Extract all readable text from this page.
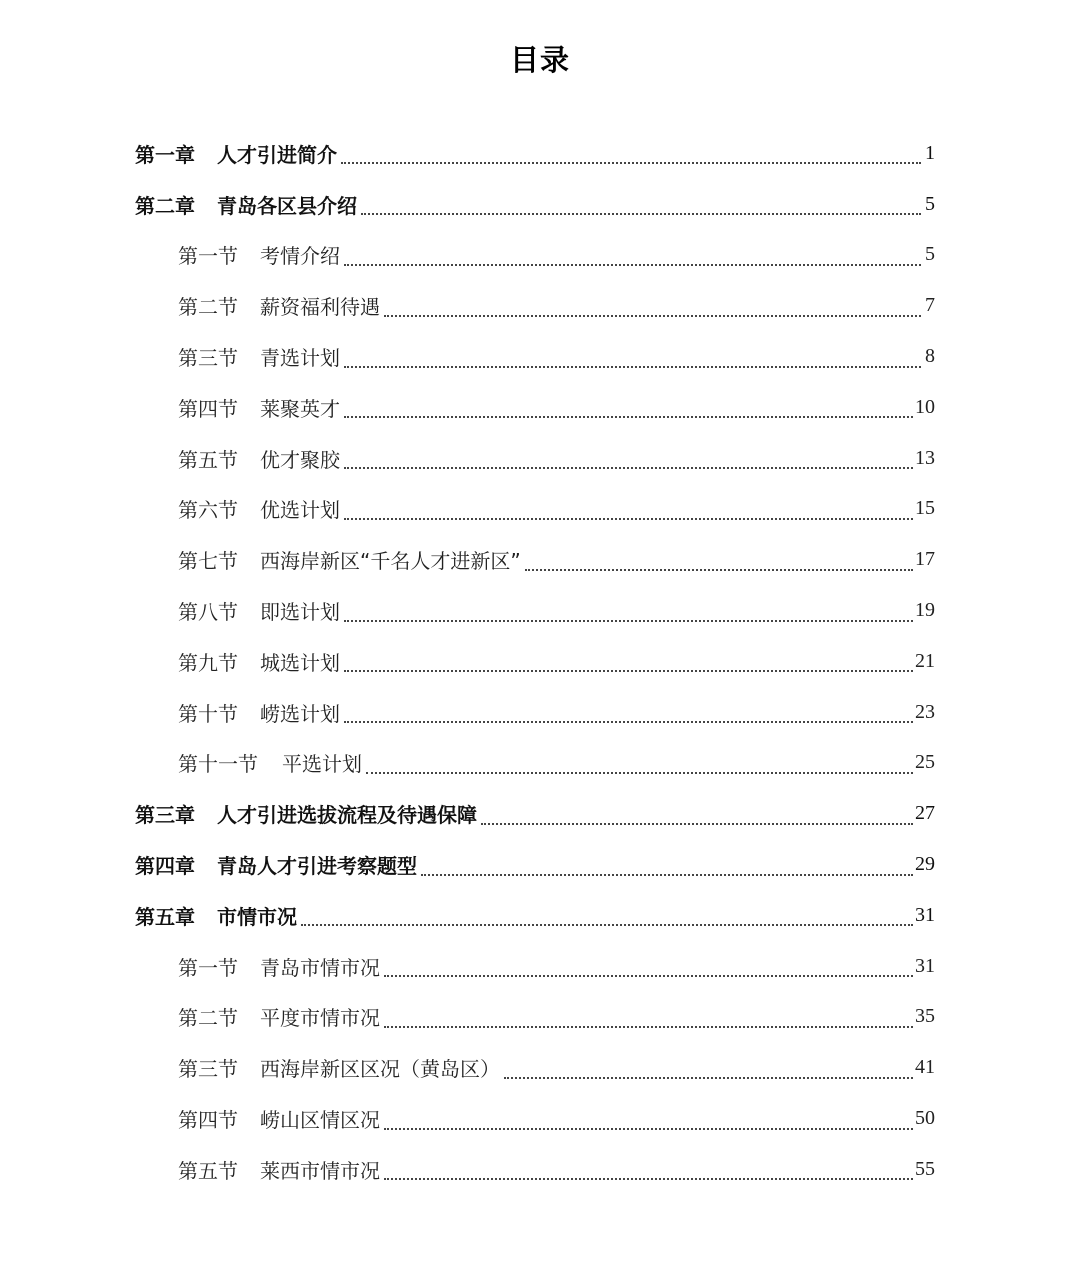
目录
第一章 人才引进简介	1
第二章 青岛各区县介绍	5
第一节 考情介绍	5
第二节 薪资福利待遇	7
第三节 青选计划	8
第四节 莱聚英才	10
第五节 优才聚胶	13
第六节 优选计划	15
第七节 西海岸新区“千名人才进新区”	17
第八节 即选计划	19
第九节 城选计划	21
第十节 崂选计划	23
第十一节 平选计划	25
第三章 人才引进选拔流程及待遇保障	27
第四章 青岛人才引进考察题型	29
第五章 市情市况	31
第一节 青岛市情市况	31
第二节 平度市情市况	35
第三节 西海岸新区区况（黄岛区）	41
第四节 崂山区情区况	50
第五节 莱西市情市况	55
